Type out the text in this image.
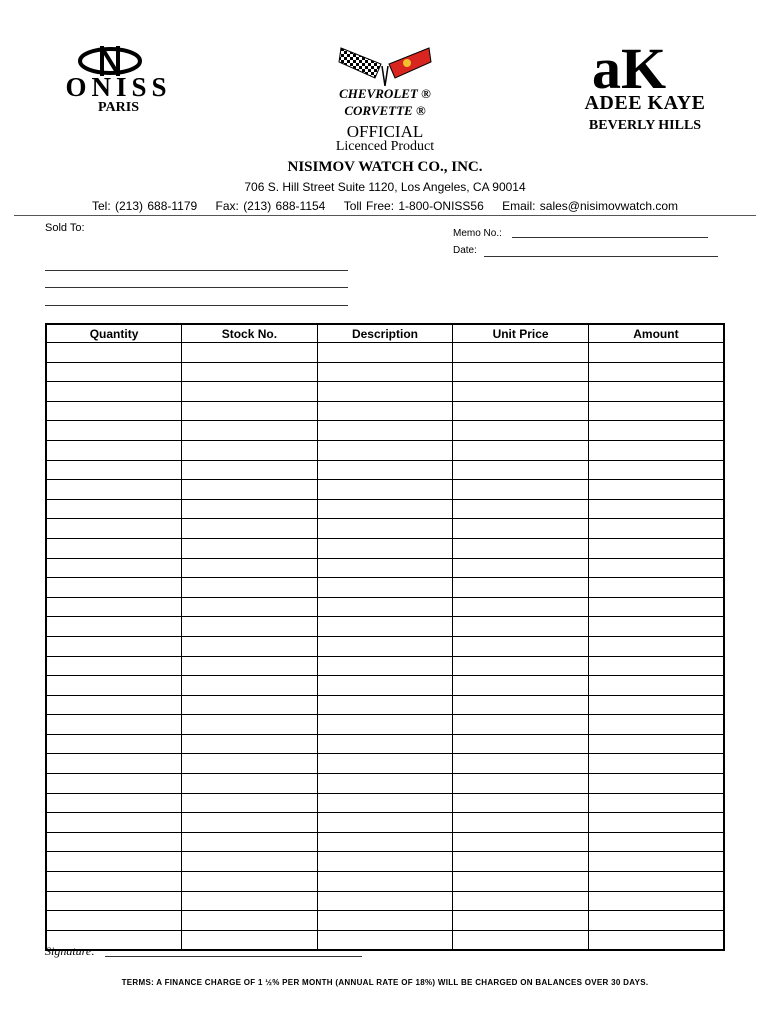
ONISS
PARIS
CHEVROLET ®
CORVETTE ®
OFFICIAL
Licenced Product
aK
ADEE KAYE
BEVERLY HILLS
NISIMOV WATCH CO., INC.
706 S. Hill Street Suite 1120, Los Angeles, CA 90014
Tel: (213) 688-1179 Fax: (213) 688-1154 Toll Free: 1-800-ONISS56 Email: sales@nisimovwatch.com
Sold To:	Memo No.:
Date:
Quantity	Stock No.	Description	Unit Price	Amount

Signature:
TERMS: A FINANCE CHARGE OF 1 ½% PER MONTH (ANNUAL RATE OF 18%) WILL BE CHARGED ON BALANCES OVER 30 DAYS.
